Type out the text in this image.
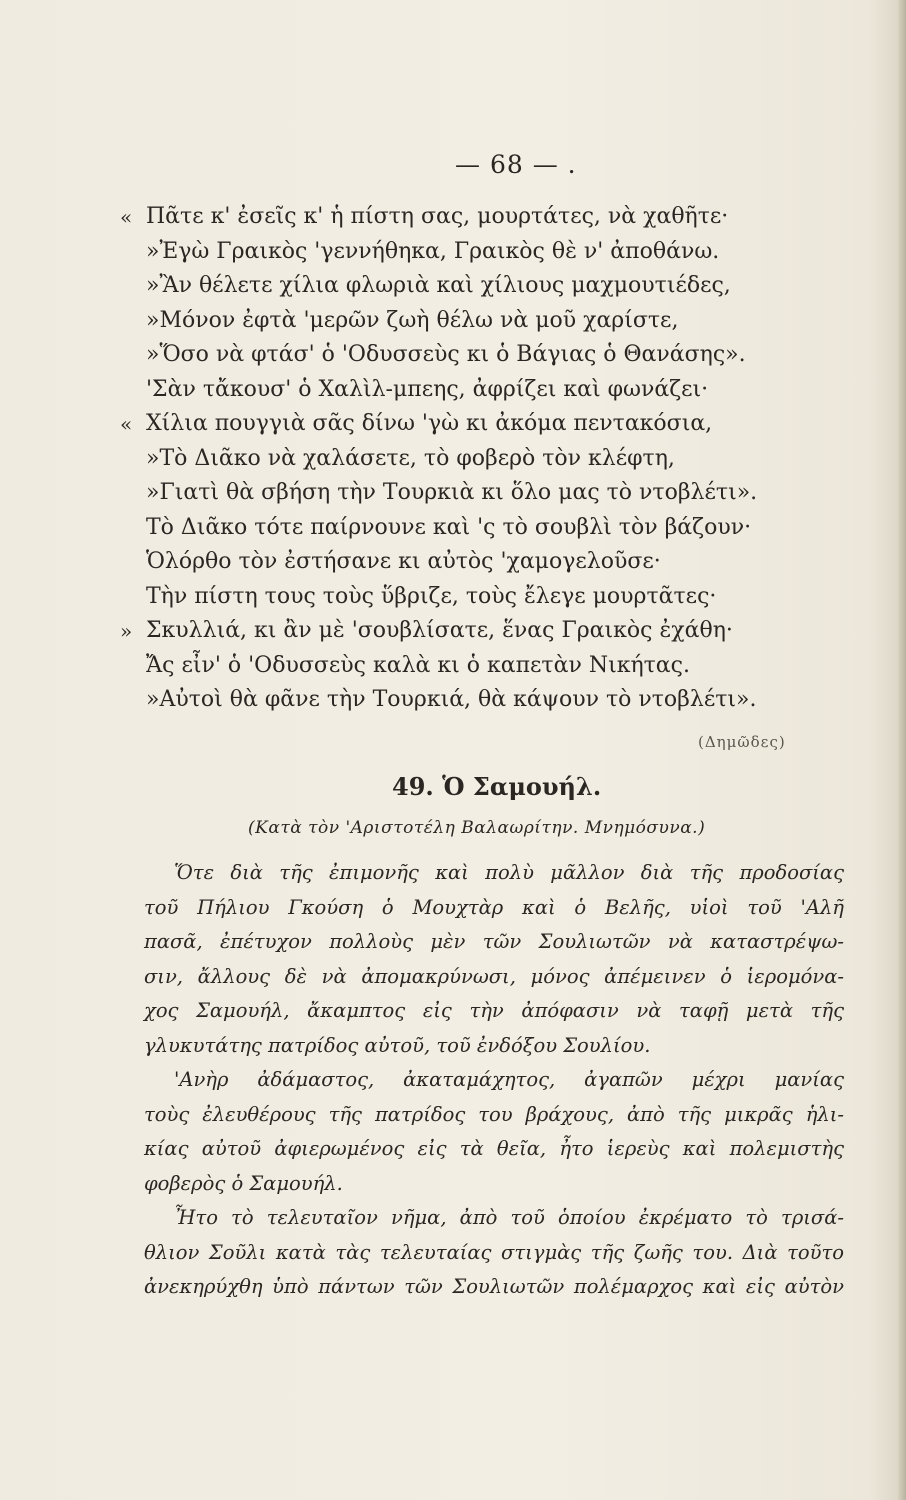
— 68 — .
« Πᾶτε κ' ἐσεῖς κ' ἡ πίστη σας, μουρτάτες, νὰ χαθῆτε·
»Ἐγὼ Γραικὸς 'γεννήθηκα, Γραικὸς θὲ ν' ἀποθάνω.
»Ἂν θέλετε χίλια φλωριὰ καὶ χίλιους μαχμουτιέδες,
»Μόνον ἐφτὰ 'μερῶν ζωὴ θέλω νὰ μοῦ χαρίστε,
»Ὅσο νὰ φτάσ' ὁ 'Οδυσσεὺς κι ὁ Βάγιας ὁ Θανάσης».
'Σὰν τἄκουσ' ὁ Χαλὶλ-μπεης, ἀφρίζει καὶ φωνάζει·
« Χίλια πουγγιὰ σᾶς δίνω 'γὼ κι ἀκόμα πεντακόσια,
»Τὸ Διᾶκο νὰ χαλάσετε, τὸ φοβερὸ τὸν κλέφτη,
»Γιατὶ θὰ σβήση τὴν Τουρκιὰ κι ὅλο μας τὸ ντοβλέτι».
Τὸ Διᾶκο τότε παίρνουνε καὶ 'ς τὸ σουβλὶ τὸν βάζουν·
Ὁλόρθο τὸν ἐστήσανε κι αὐτὸς 'χαμογελοῦσε·
Τὴν πίστη τους τοὺς ὕβριζε, τοὺς ἔλεγε μουρτᾶτες·
» Σκυλλιά, κι ἂν μὲ 'σουβλίσατε, ἕνας Γραικὸς ἐχάθη·
Ἄς εἶν' ὁ 'Οδυσσεὺς καλὰ κι ὁ καπετὰν Νικήτας.
»Αὐτοὶ θὰ φᾶνε τὴν Τουρκιά, θὰ κάψουν τὸ ντοβλέτι».
(Δημῶδες)
49. Ὁ Σαμουήλ.
(Κατὰ τὸν 'Αριστοτέλη Βαλαωρίτην. Μνημόσυνα.)
Ὅτε διὰ τῆς ἐπιμονῆς καὶ πολὺ μᾶλλον διὰ τῆς προδοσίας
τοῦ Πήλιου Γκούση ὁ Μουχτὰρ καὶ ὁ Βελῆς, υἱοὶ τοῦ 'Αλῆ
πασᾶ, ἐπέτυχον πολλοὺς μὲν τῶν Σουλιωτῶν νὰ καταστρέψω-
σιν, ἄλλους δὲ νὰ ἀπομακρύνωσι, μόνος ἀπέμεινεν ὁ ἱερομόνα-
χος Σαμουήλ, ἄκαμπτος εἰς τὴν ἀπόφασιν νὰ ταφῇ μετὰ τῆς
γλυκυτάτης πατρίδος αὐτοῦ, τοῦ ἐνδόξου Σουλίου.
'Ανὴρ ἀδάμαστος, ἀκαταμάχητος, ἀγαπῶν μέχρι μανίας
τοὺς ἐλευθέρους τῆς πατρίδος του βράχους, ἀπὸ τῆς μικρᾶς ἡλι-
κίας αὐτοῦ ἀφιερωμένος εἰς τὰ θεῖα, ἦτο ἱερεὺς καὶ πολεμιστὴς
φοβερὸς ὁ Σαμουήλ.
Ἦτο τὸ τελευταῖον νῆμα, ἀπὸ τοῦ ὁποίου ἐκρέματο τὸ τρισά-
θλιον Σοῦλι κατὰ τὰς τελευταίας στιγμὰς τῆς ζωῆς του. Διὰ τοῦτο
ἀνεκηρύχθη ὑπὸ πάντων τῶν Σουλιωτῶν πολέμαρχος καὶ εἰς αὐτὸν
